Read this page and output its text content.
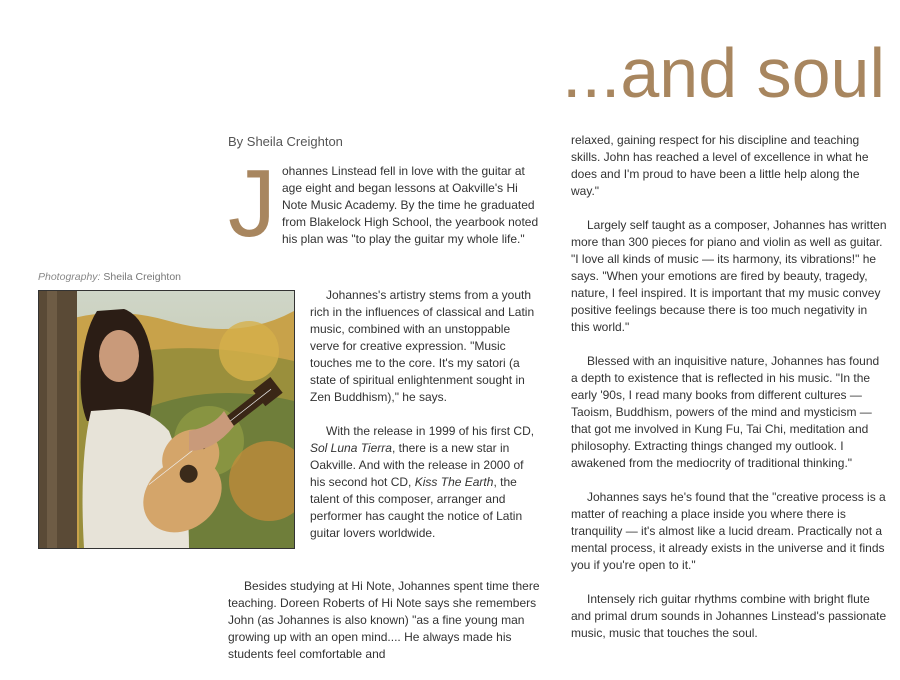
...and soul
By Sheila Creighton
Photography: Sheila Creighton
Johannes Linstead fell in love with the guitar at age eight and began lessons at Oakville's Hi Note Music Academy. By the time he graduated from Blakelock High School, the yearbook noted his plan was "to play the guitar my whole life."

Johannes's artistry stems from a youth rich in the influences of classical and Latin music, combined with an unstoppable verve for creative expression. "Music touches me to the core. It's my satori (a state of spiritual enlightenment sought in Zen Buddhism)," he says.

With the release in 1999 of his first CD, Sol Luna Tierra, there is a new star in Oakville. And with the release in 2000 of his second hot CD, Kiss The Earth, the talent of this composer, arranger and performer has caught the notice of Latin guitar lovers worldwide.

Besides studying at Hi Note, Johannes spent time there teaching. Doreen Roberts of Hi Note says she remembers John (as Johannes is also known) "as a fine young man growing up with an open mind.... He always made his students feel comfortable and

relaxed, gaining respect for his discipline and teaching skills. John has reached a level of excellence in what he does and I'm proud to have been a little help along the way."

Largely self taught as a composer, Johannes has written more than 300 pieces for piano and violin as well as guitar. "I love all kinds of music — its harmony, its vibrations!" he says. "When your emotions are fired by beauty, tragedy, nature, I feel inspired. It is important that my music convey positive feelings because there is too much negativity in this world."

Blessed with an inquisitive nature, Johannes has found a depth to existence that is reflected in his music. "In the early '90s, I read many books from different cultures — Taoism, Buddhism, powers of the mind and mysticism — that got me involved in Kung Fu, Tai Chi, meditation and philosophy. Extracting things changed my outlook. I awakened from the mediocrity of traditional thinking."

Johannes says he's found that the "creative process is a matter of reaching a place inside you where there is tranquility — it's almost like a lucid dream. Practically not a mental process, it already exists in the universe and it finds you if you're open to it."

Intensely rich guitar rhythms combine with bright flute and primal drum sounds in Johannes Linstead's passionate music, music that touches the soul.
